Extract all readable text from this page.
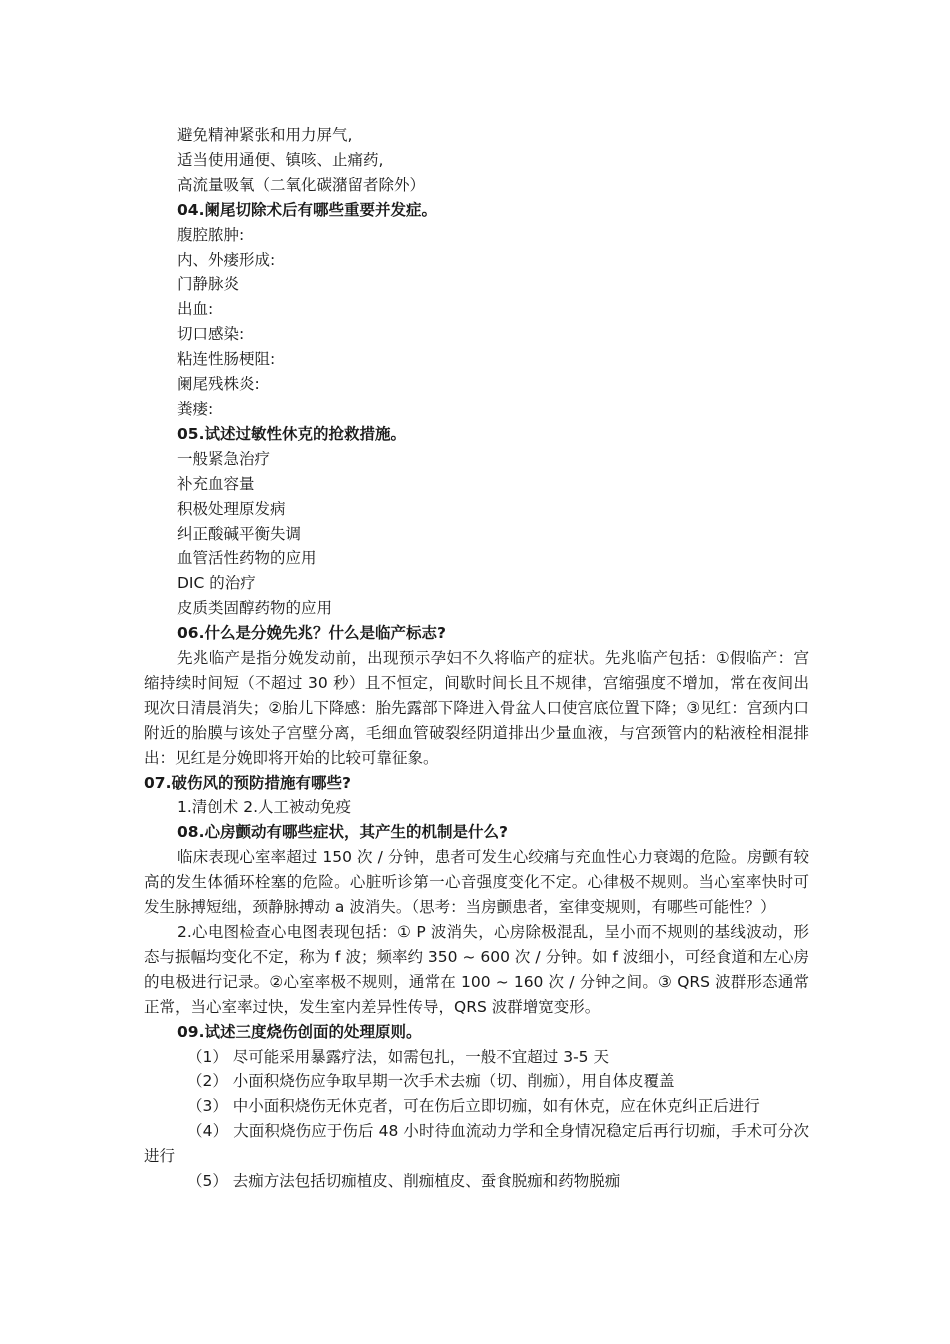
避免精神紧张和用力屏气,
适当使用通便、镇咳、止痛药,
高流量吸氧（二氧化碳潴留者除外）
04.阑尾切除术后有哪些重要并发症。
腹腔脓肿:
内、外瘘形成:
门静脉炎
出血:
切口感染:
粘连性肠梗阻:
阑尾残株炎:
粪瘘:
05.试述过敏性休克的抢救措施。
一般紧急治疗
补充血容量
积极处理原发病
纠正酸碱平衡失调
血管活性药物的应用
DIC 的治疗
皮质类固醇药物的应用
06.什么是分娩先兆？什么是临产标志?

先兆临产是指分娩发动前，出现预示孕妇不久将临产的症状。先兆临产包括：①假临产：宫缩持续时间短（不超过 30 秒）且不恒定，间歇时间长且不规律，宫缩强度不增加，常在夜间出现次日清晨消失；②胎儿下降感：胎先露部下降进入骨盆人口使宫底位置下降；③见红：宫颈内口附近的胎膜与该处子宫壁分离，毛细血管破裂经阴道排出少量血液，与宫颈管内的粘液栓相混排出：见红是分娩即将开始的比较可靠征象。

07.破伤风的预防措施有哪些?
1.清创术 2.人工被动免疫
08.心房颤动有哪些症状，其产生的机制是什么?

临床表现心室率超过 150 次 / 分钟，患者可发生心绞痛与充血性心力衰竭的危险。房颤有较高的发生体循环栓塞的危险。心脏听诊第一心音强度变化不定。心律极不规则。当心室率快时可发生脉搏短绌，颈静脉搏动 a 波消失。（思考：当房颤患者，室律变规则，有哪些可能性？）

2.心电图检查心电图表现包括：① P 波消失，心房除极混乱，呈小而不规则的基线波动，形态与振幅均变化不定，称为 f 波；频率约 350 ~ 600 次 / 分钟。如 f 波细小，可经食道和左心房的电极进行记录。②心室率极不规则，通常在 100 ~ 160 次 / 分钟之间。③ QRS 波群形态通常正常，当心室率过快，发生室内差异性传导，QRS 波群增宽变形。

09.试述三度烧伤创面的处理原则。
（1） 尽可能采用暴露疗法，如需包扎，一般不宜超过 3-5 天
（2） 小面积烧伤应争取早期一次手术去痂（切、削痂），用自体皮覆盖
（3） 中小面积烧伤无休克者，可在伤后立即切痂，如有休克，应在休克纠正后进行

（4） 大面积烧伤应于伤后 48 小时待血流动力学和全身情况稳定后再行切痂，手术可分次进行

（5） 去痂方法包括切痂植皮、削痂植皮、蚕食脱痂和药物脱痂
